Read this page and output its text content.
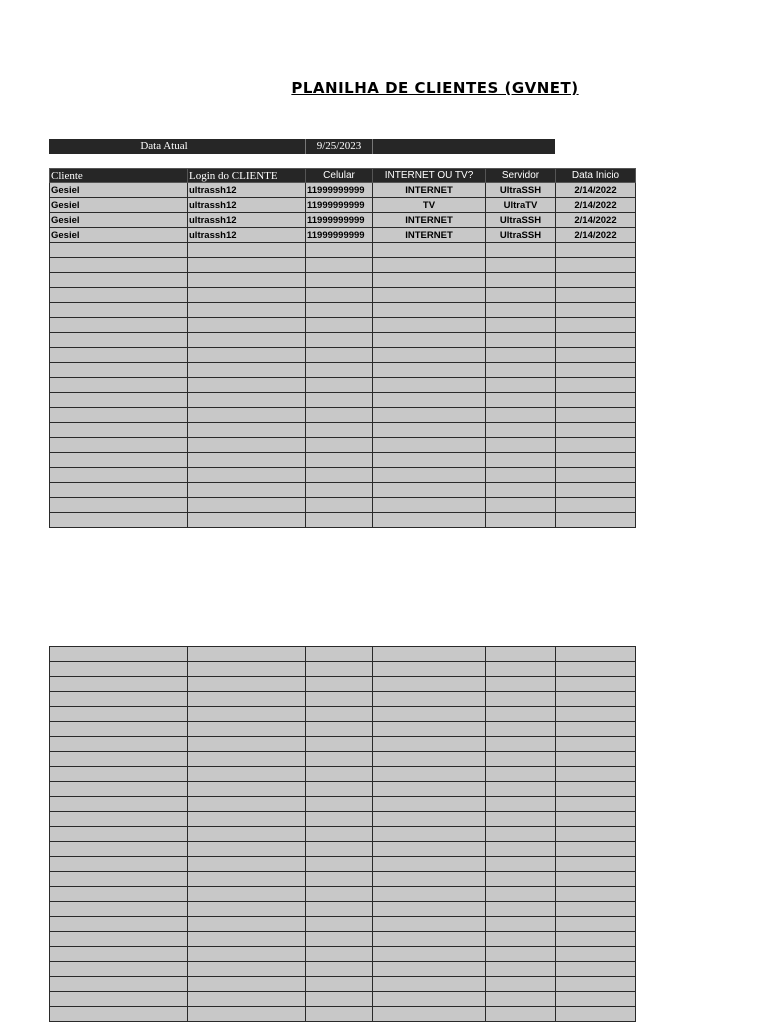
PLANILHA DE CLIENTES (GVNET)
Data Atual	9/25/2023
Cliente	Login do CLIENTE	Celular	INTERNET OU TV?	Servidor	Data Inicio
Gesiel	ultrassh12	11999999999	INTERNET	UltraSSH	2/14/2022
Gesiel	ultrassh12	11999999999	TV	UltraTV	2/14/2022
Gesiel	ultrassh12	11999999999	INTERNET	UltraSSH	2/14/2022
Gesiel	ultrassh12	11999999999	INTERNET	UltraSSH	2/14/2022
